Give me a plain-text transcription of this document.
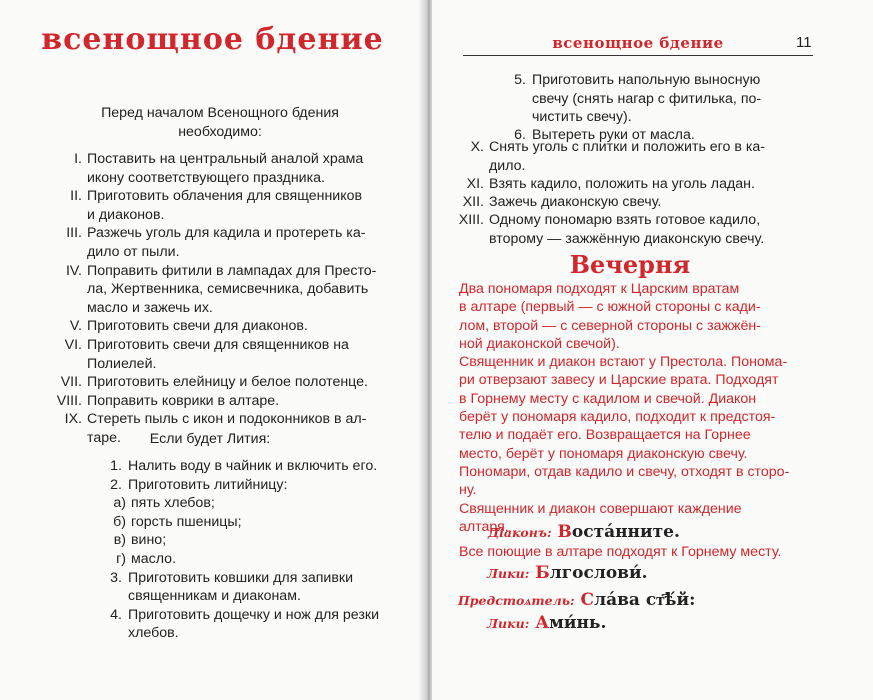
всенощное бдение
Перед началом Всенощного бдения
необходимо:
I. Поставить на центральный аналой храма
икону соответствующего праздника.
II. Приготовить облачения для священников
и диаконов.
III. Разжечь уголь для кадила и протереть ка-
дило от пыли.
IV. Поправить фитили в лампадах для Престо-
ла, Жертвенника, семисвечника, добавить
масло и зажечь их.
V. Приготовить свечи для диаконов.
VI. Приготовить свечи для священников на
Полиелей.
VII. Приготовить елейницу и белое полотенце.
VIII. Поправить коврики в алтаре.
IX. Стереть пыль с икон и подоконников в ал-
таре.	Если будет Лития:
1. Налить воду в чайник и включить его.
2. Приготовить литийницу:
а) пять хлебов;
б) горсть пшеницы;
в) вино;
г) масло.
3. Приготовить ковшики для запивки
священникам и диаконам.
4. Приготовить дощечку и нож для резки
хлебов.
всенощное бдение	11
5. Приготовить напольную выносную
свечу (снять нагар с фитилька, по-
чистить свечу).
6. Вытереть руки от масла.
X. Снять уголь с плитки и положить его в ка-
дило.
XI. Взять кадило, положить на уголь ладан.
XII. Зажечь диаконскую свечу.
XIII. Одному пономарю взять готовое кадило,
второму — зажжённую диаконскую свечу.
Вечерня
Два пономаря подходят к Царским вратам
в алтаре (первый — с южной стороны с кади-
лом, второй — с северной стороны с зажжён-
ной диаконской свечой).
Священник и диакон встают у Престола. Понома-
ри отверзают завесу и Царские врата. Подходят
в Горнему месту с кадилом и свечой. Диакон
берёт у пономаря кадило, подходит к предстоя-
телю и подаёт его. Возвращается на Горнее
место, берёт у пономаря диаконскую свечу.
Пономари, отдав кадило и свечу, отходят в сторо-
ну.
Священник и диакон совершают каждение
алтаря.
Діаконъ: Востáнните.
Все поющие в алтаре подходят к Горнему месту.
Лики: Блгослови́.
Предстоѧтель: Слáва ст҃ѣ́й:
Лики: Ами́нь.
